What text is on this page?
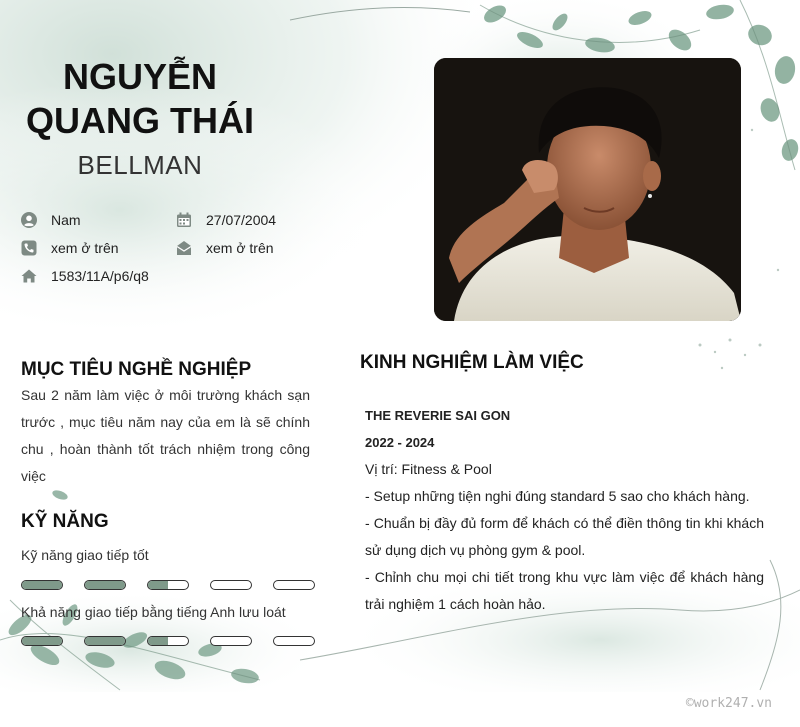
NGUYỄN
QUANG THÁI
BELLMAN
Nam	27/07/2004
xem ở trên	xem ở trên
1583/11A/p6/q8
MỤC TIÊU NGHỀ NGHIỆP
Sau 2 năm làm việc ở môi trường khách sạn trước , mục tiêu năm nay của em là sẽ chính chu , hoàn thành tốt trách nhiệm trong công việc
KỸ NĂNG
Kỹ năng giao tiếp tốt
Khả năng giao tiếp bằng tiếng Anh lưu loát
KINH NGHIỆM LÀM VIỆC
THE REVERIE SAI GON
2022 - 2024
Vị trí: Fitness & Pool
- Setup những tiện nghi đúng standard 5 sao cho khách hàng.
- Chuẩn bị đầy đủ form để khách có thể điền thông tin khi khách sử dụng dịch vụ phòng gym & pool.
- Chỉnh chu mọi chi tiết trong khu vực làm việc để khách hàng trải nghiệm 1 cách hoàn hảo.
©work247.vn
